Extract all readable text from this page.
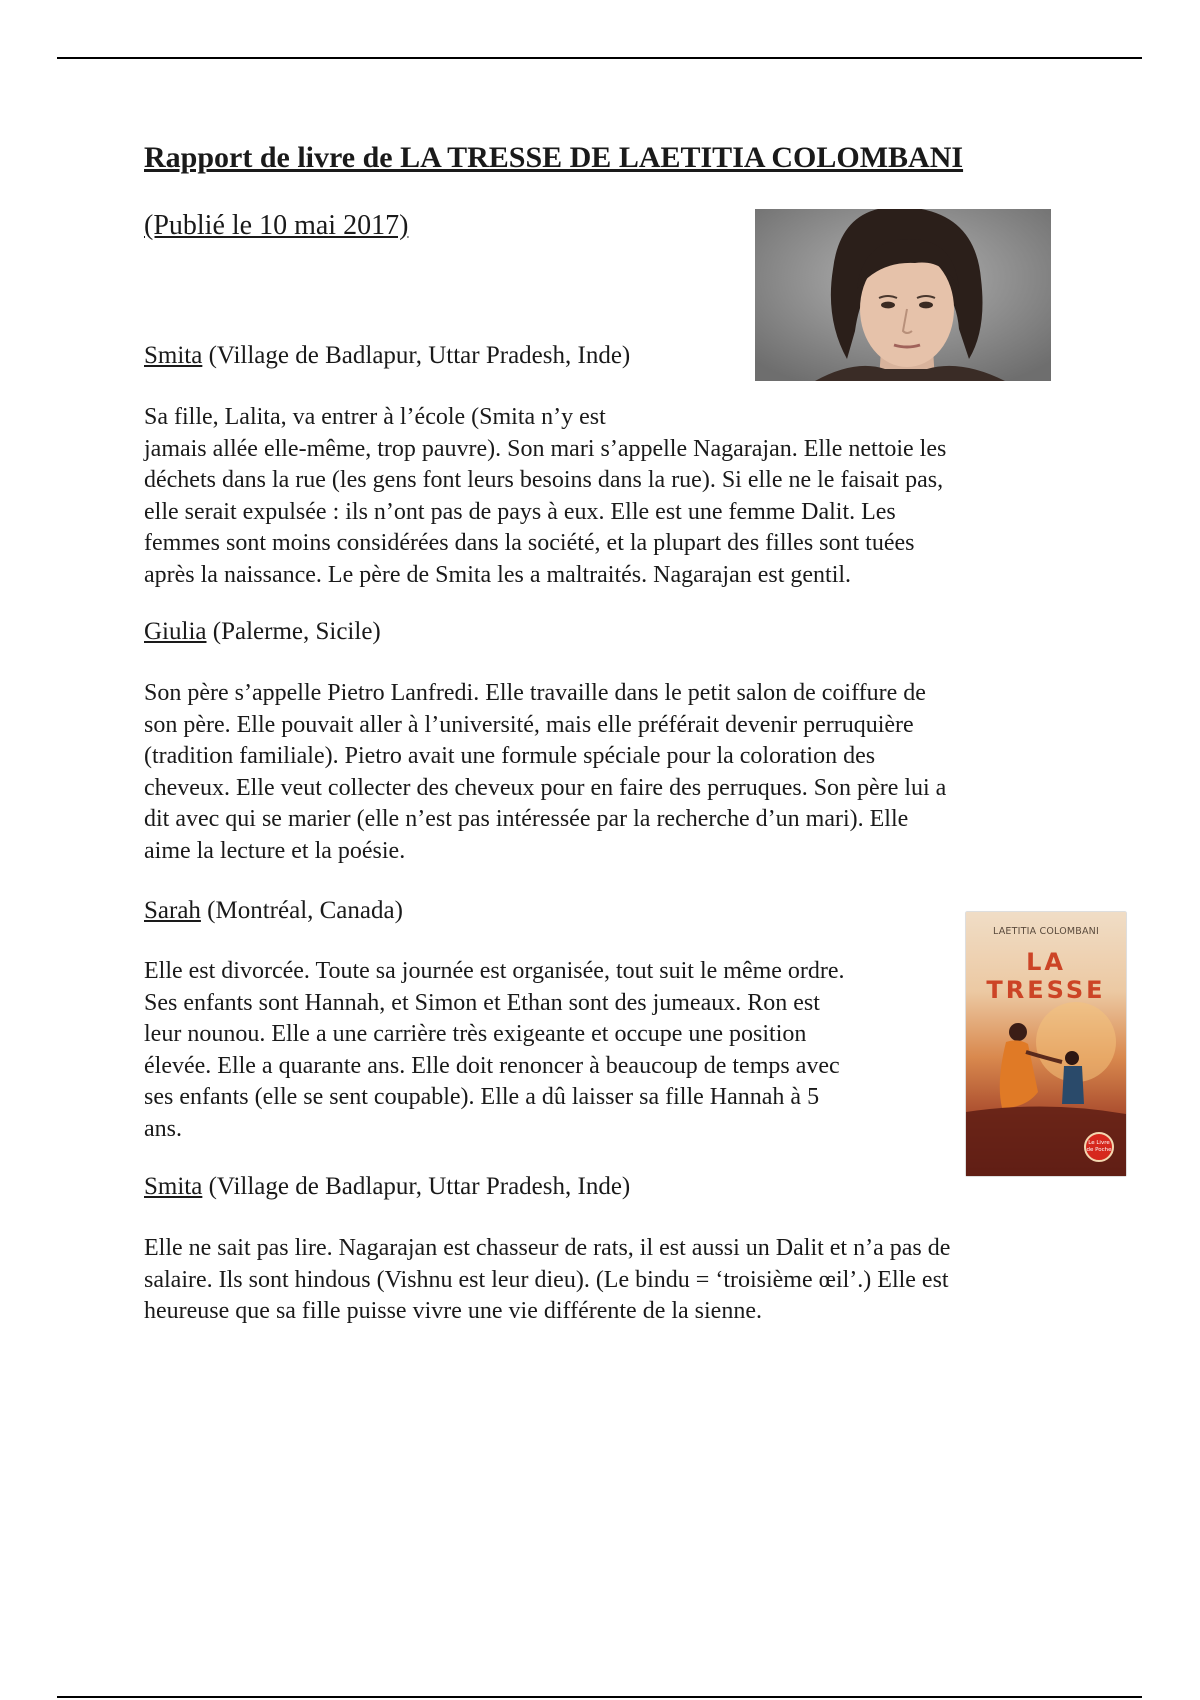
Rapport de livre de LA TRESSE DE LAETITIA COLOMBANI
(Publié le 10 mai 2017)
Smita (Village de Badlapur, Uttar Pradesh, Inde)
Sa fille, Lalita, va entrer à l’école (Smita n’y est
jamais allée elle-même, trop pauvre). Son mari s’appelle Nagarajan. Elle nettoie les
déchets dans la rue (les gens font leurs besoins dans la rue). Si elle ne le faisait pas,
elle serait expulsée : ils n’ont pas de pays à eux. Elle est une femme Dalit. Les
femmes sont moins considérées dans la société, et la plupart des filles sont tuées
après la naissance. Le père de Smita les a maltraités. Nagarajan est gentil.
Giulia (Palerme, Sicile)
Son père s’appelle Pietro Lanfredi. Elle travaille dans le petit salon de coiffure de
son père. Elle pouvait aller à l’université, mais elle préférait devenir perruquière
(tradition familiale). Pietro avait une formule spéciale pour la coloration des
cheveux. Elle veut collecter des cheveux pour en faire des perruques. Son père lui a
dit avec qui se marier (elle n’est pas intéressée par la recherche d’un mari). Elle
aime la lecture et la poésie.
Sarah (Montréal, Canada)
Elle est divorcée. Toute sa journée est organisée, tout suit le même ordre.
Ses enfants sont Hannah, et Simon et Ethan sont des jumeaux. Ron est
leur nounou. Elle a une carrière très exigeante et occupe une position
élevée. Elle a quarante ans. Elle doit renoncer à beaucoup de temps avec
ses enfants (elle se sent coupable). Elle a dû laisser sa fille Hannah à 5
ans.
LAETITIA COLOMBANI
LA
TRESSE
Le Livre de Poche
Smita (Village de Badlapur, Uttar Pradesh, Inde)
Elle ne sait pas lire. Nagarajan est chasseur de rats, il est aussi un Dalit et n’a pas de
salaire. Ils sont hindous (Vishnu est leur dieu). (Le bindu = ‘troisième œil’.) Elle est
heureuse que sa fille puisse vivre une vie différente de la sienne.
